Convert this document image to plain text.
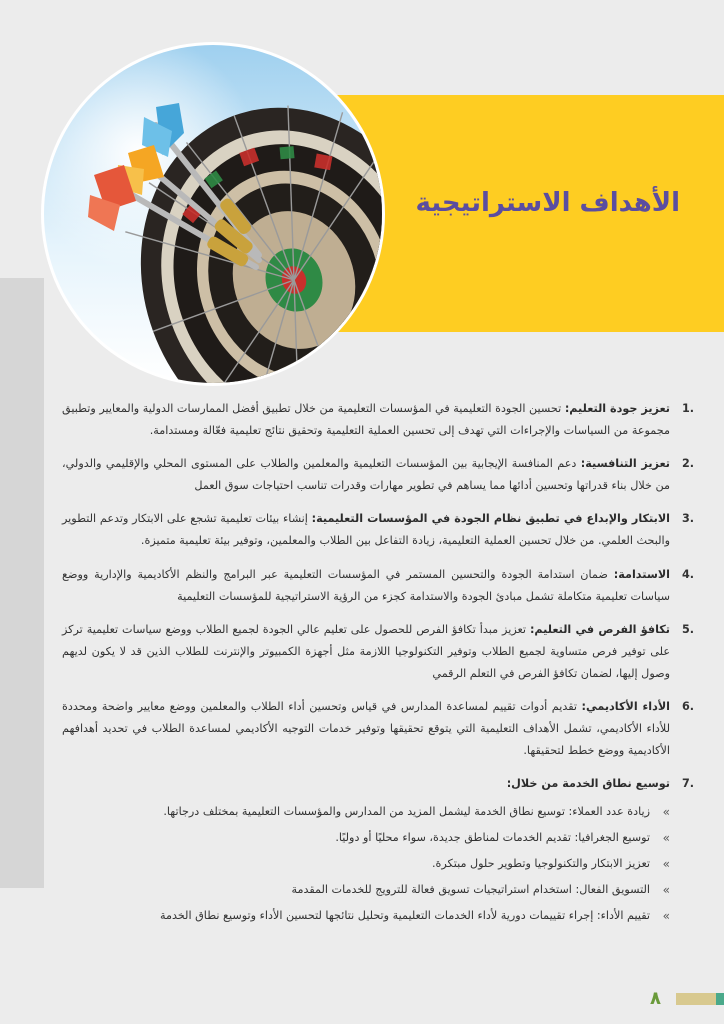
الأهداف الاستراتيجية

.1
تعزيز جودة التعليم: تحسين الجودة التعليمية في المؤسسات التعليمية من خلال تطبيق أفضل الممارسات الدولية والمعايير وتطبيق مجموعة من السياسات والإجراءات التي تهدف إلى تحسين العملية التعليمية وتحقيق نتائج تعليمية فعّالة ومستدامة.

.2
تعزيز التنافسية: دعم المنافسة الإيجابية بين المؤسسات التعليمية والمعلمين والطلاب على المستوى المحلي والإقليمي والدولي، من خلال بناء قدراتها وتحسين أدائها مما يساهم في تطوير مهارات وقدرات تناسب احتياجات سوق العمل

.3
الابتكار والإبداع في تطبيق نظام الجودة في المؤسسات التعليمية: إنشاء بيئات تعليمية تشجع على الابتكار وتدعم التطوير والبحث العلمي. من خلال تحسين العملية التعليمية، زيادة التفاعل بين الطلاب والمعلمين، وتوفير بيئة تعليمية متميزة.

.4
الاستدامة: ضمان استدامة الجودة والتحسين المستمر في المؤسسات التعليمية عبر البرامج والنظم الأكاديمية والإدارية ووضع سياسات تعليمية متكاملة تشمل مبادئ الجودة والاستدامة كجزء من الرؤية الاستراتيجية للمؤسسات التعليمية

.5
تكافؤ الفرص في التعليم: تعزيز مبدأ تكافؤ الفرص للحصول على تعليم عالي الجودة لجميع الطلاب ووضع سياسات تعليمية تركز على توفير فرص متساوية لجميع الطلاب وتوفير التكنولوجيا اللازمة مثل أجهزة الكمبيوتر والإنترنت للطلاب الذين قد لا يكون لديهم وصول إليها، لضمان تكافؤ الفرص في التعلم الرقمي

.6
الأداء الأكاديمي: تقديم أدوات تقييم لمساعدة المدارس في قياس وتحسين أداء الطلاب والمعلمين ووضع معايير واضحة ومحددة للأداء الأكاديمي، تشمل الأهداف التعليمية التي يتوقع تحقيقها وتوفير خدمات التوجيه الأكاديمي لمساعدة الطلاب في تحديد أهدافهم الأكاديمية ووضع خطط لتحقيقها.

.7
توسيع نطاق الخدمة من خلال:

»
زيادة عدد العملاء: توسيع نطاق الخدمة ليشمل المزيد من المدارس والمؤسسات التعليمية بمختلف درجاتها.
»
توسيع الجغرافيا: تقديم الخدمات لمناطق جديدة، سواء محليًا أو دوليًا.
»
تعزيز الابتكار والتكنولوجيا وتطوير حلول مبتكرة.
»
التسويق الفعال: استخدام استراتيجيات تسويق فعالة للترويج للخدمات المقدمة
»
تقييم الأداء: إجراء تقييمات دورية لأداء الخدمات التعليمية وتحليل نتائجها لتحسين الأداء وتوسيع نطاق الخدمة
٨
